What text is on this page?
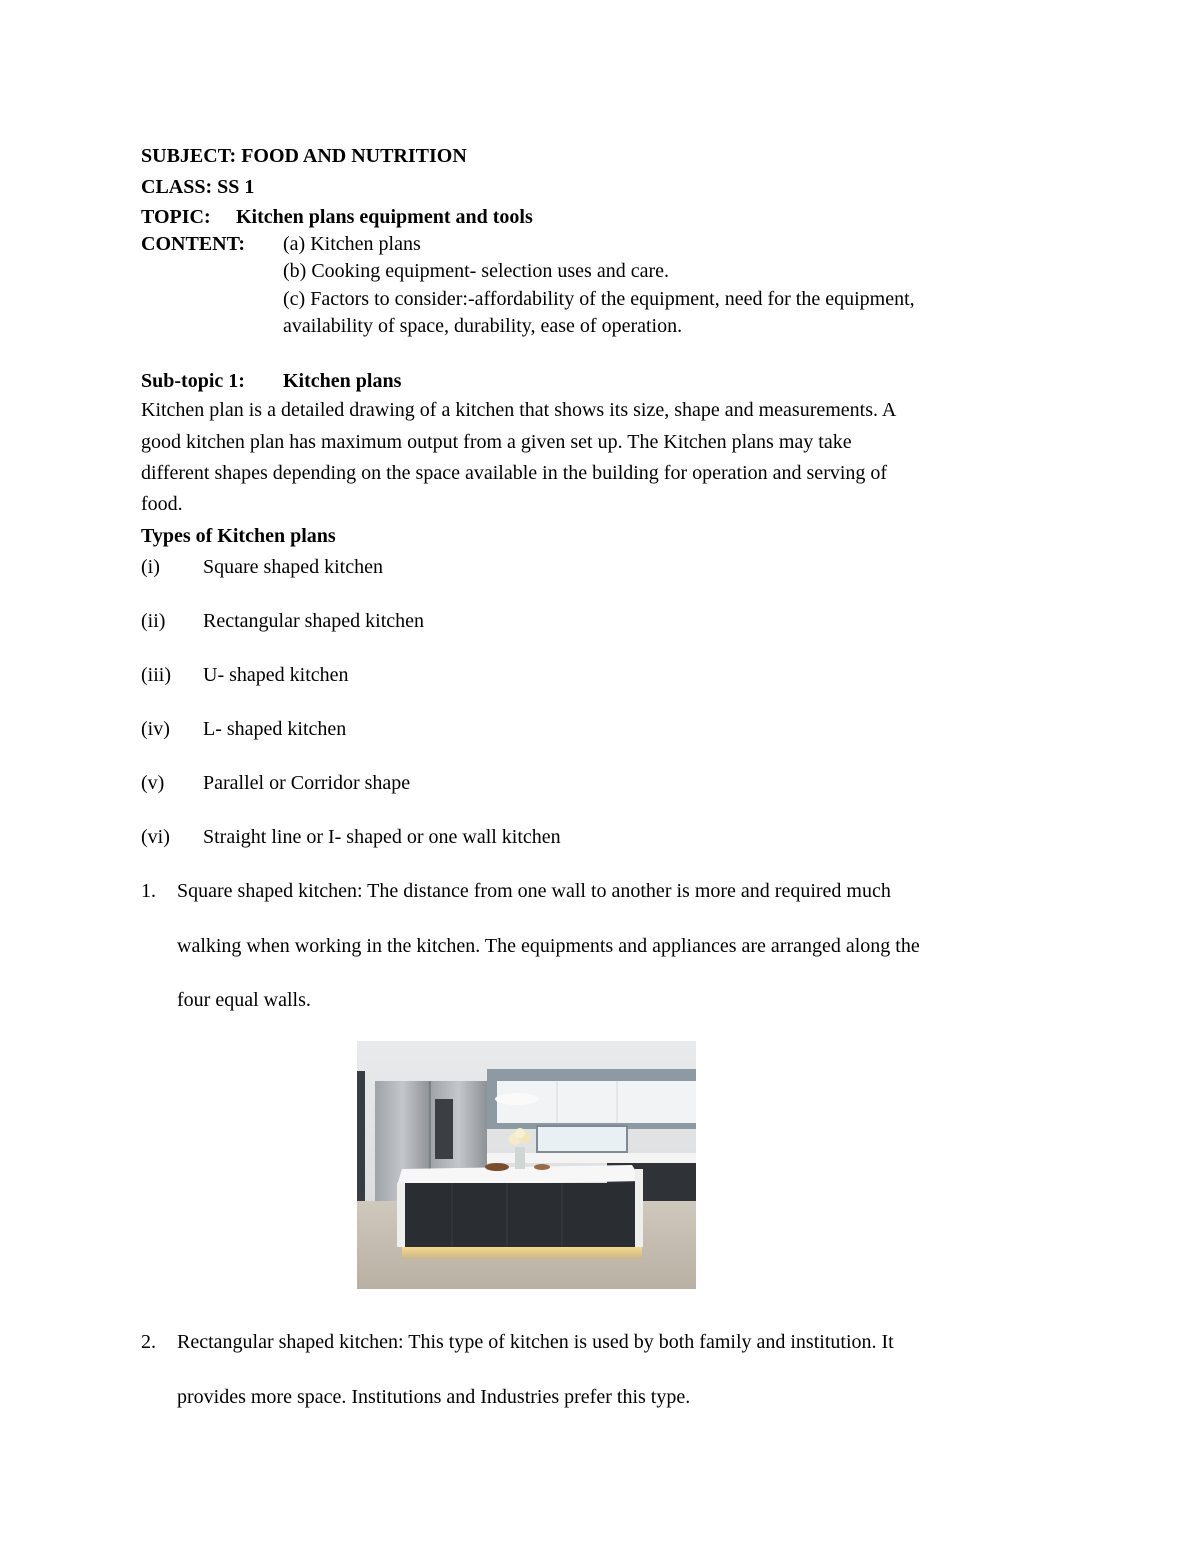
SUBJECT: FOOD AND NUTRITION
CLASS: SS 1
TOPIC: Kitchen plans equipment and tools
CONTENT: (a) Kitchen plans
(b) Cooking equipment- selection uses and care.
(c) Factors to consider:-affordability of the equipment, need for the equipment,
availability of space, durability, ease of operation.
Sub-topic 1: Kitchen plans
Kitchen plan is a detailed drawing of a kitchen that shows its size, shape and measurements. A
good kitchen plan has maximum output from a given set up. The Kitchen plans may take
different shapes depending on the space available in the building for operation and serving of
food.
Types of Kitchen plans
(i) Square shaped kitchen
(ii) Rectangular shaped kitchen
(iii) U- shaped kitchen
(iv) L- shaped kitchen
(v) Parallel or Corridor shape
(vi) Straight line or I- shaped or one wall kitchen
1. Square shaped kitchen: The distance from one wall to another is more and required much
walking when working in the kitchen. The equipments and appliances are arranged along the
four equal walls.
2. Rectangular shaped kitchen: This type of kitchen is used by both family and institution. It
provides more space. Institutions and Industries prefer this type.
